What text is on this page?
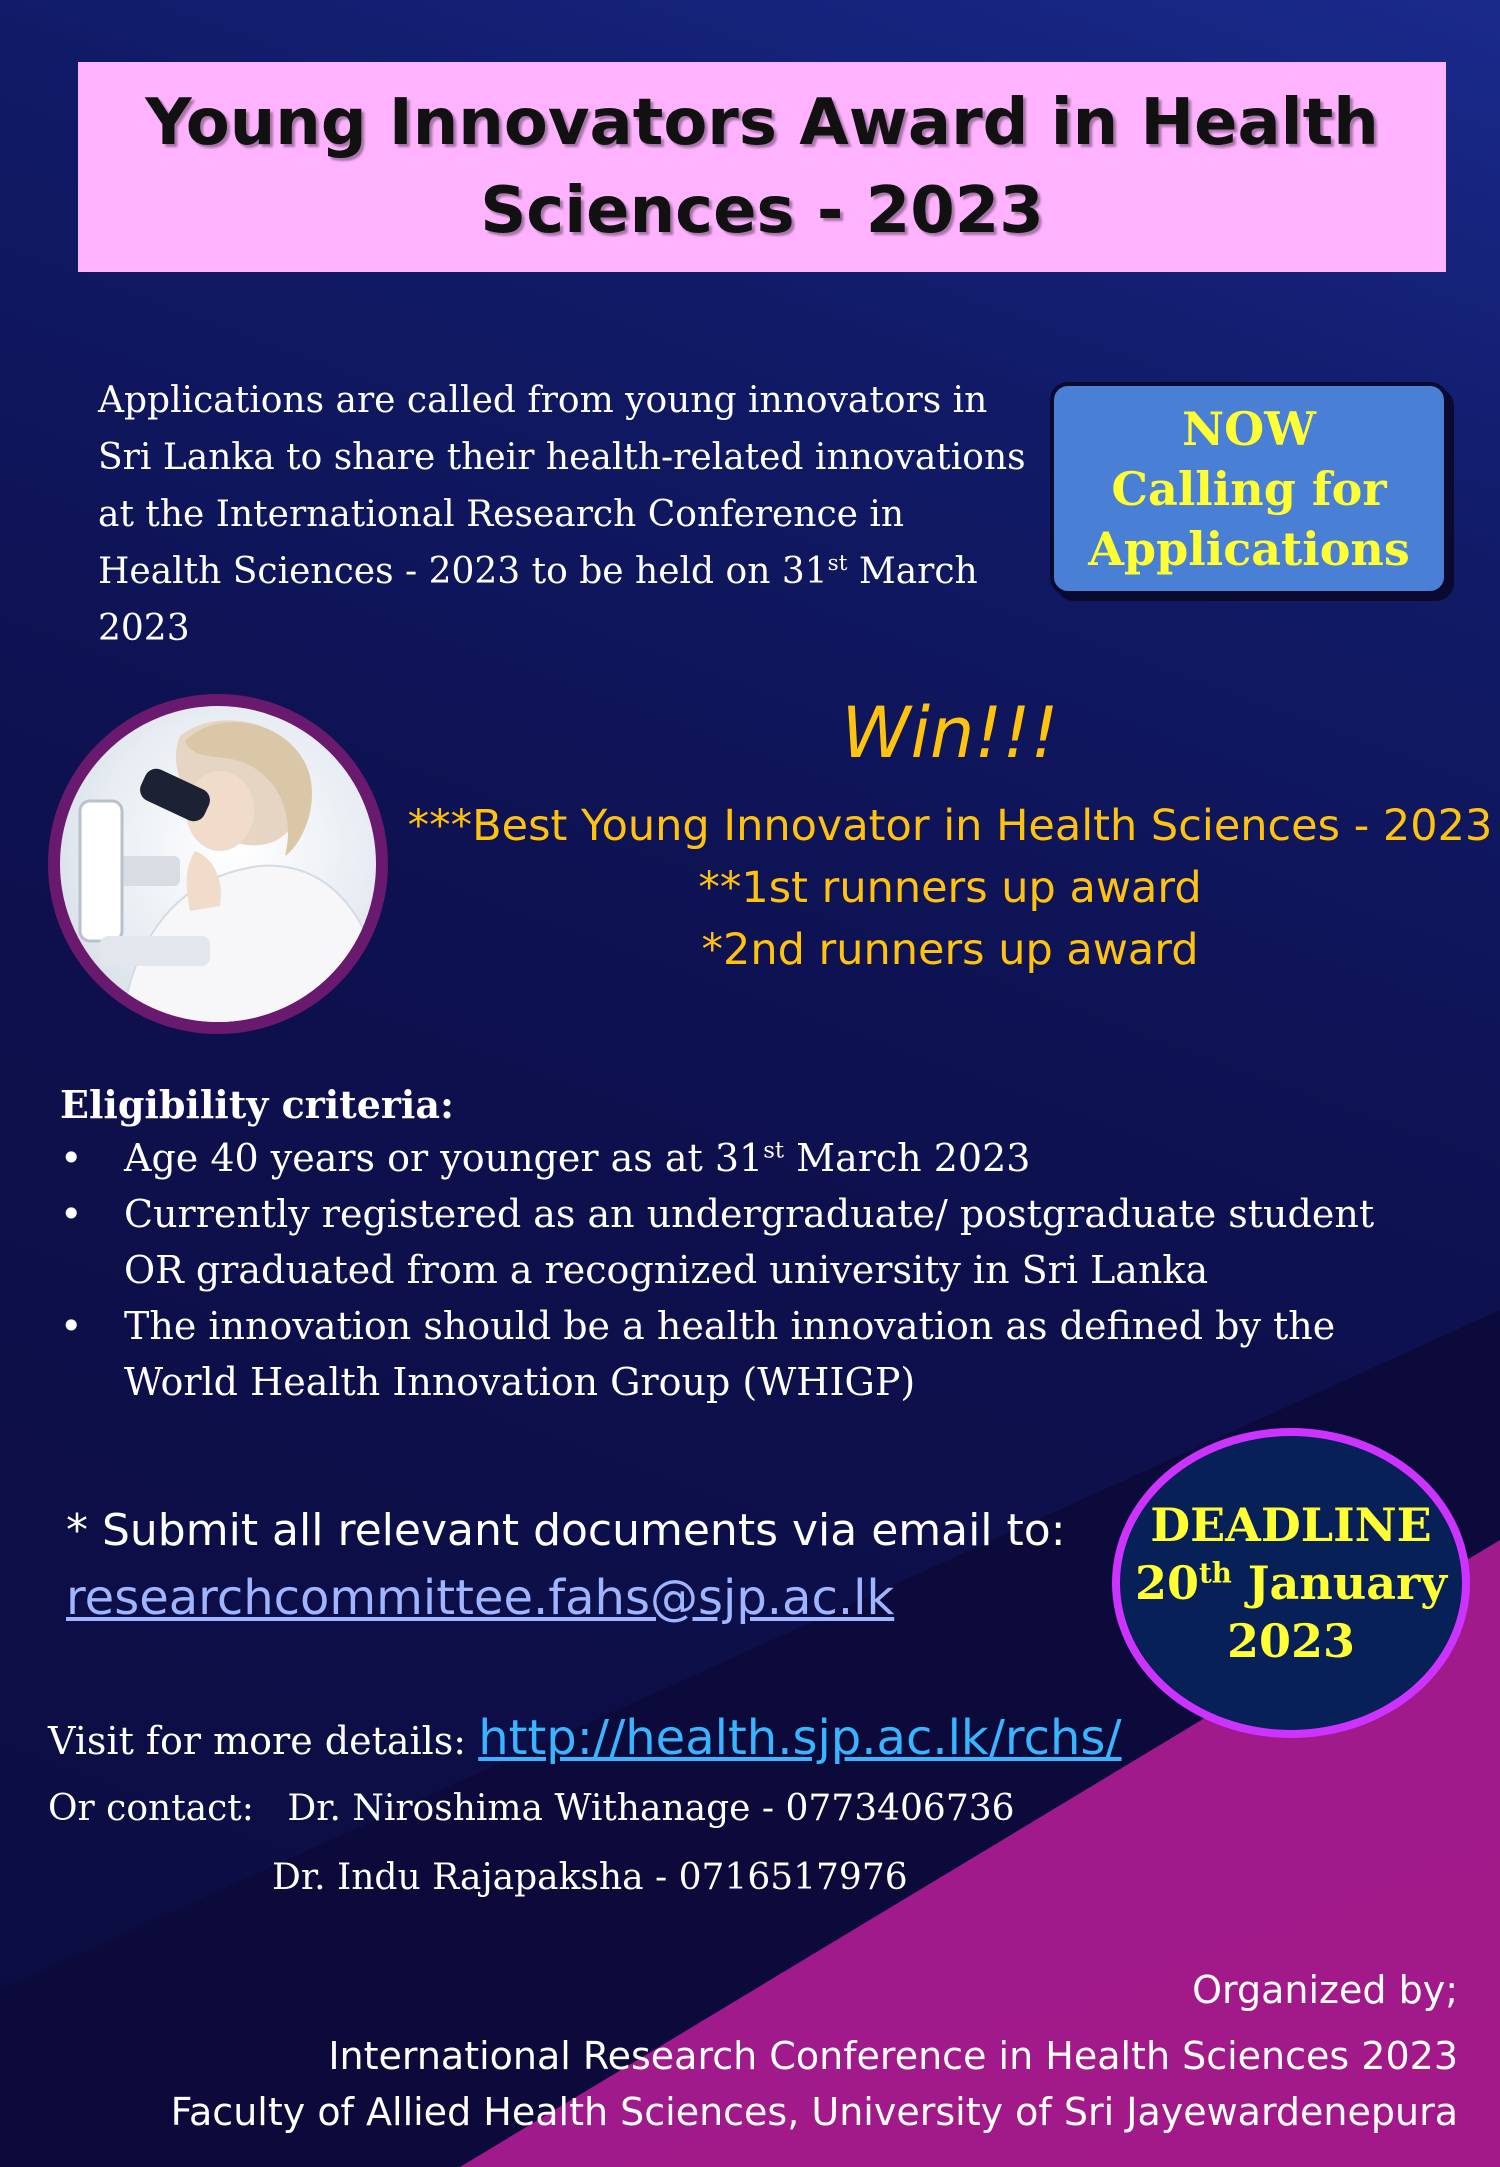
Young Innovators Award in Health Sciences - 2023
Applications are called from young innovators in Sri Lanka to share their health-related innovations at the International Research Conference in Health Sciences - 2023 to be held on 31st March 2023
NOW
Calling for
Applications
Win!!!
***Best Young Innovator in Health Sciences - 2023
**1st runners up award
*2nd runners up award
Eligibility criteria:
•	Age 40 years or younger as at 31st March 2023
•	Currently registered as an undergraduate/ postgraduate student OR graduated from a recognized university in Sri Lanka
•	The innovation should be a health innovation as defined by the World Health Innovation Group (WHIGP)
* Submit all relevant documents via email to:
researchcommittee.fahs@sjp.ac.lk
DEADLINE
20th January
2023
Visit for more details: http://health.sjp.ac.lk/rchs/
Or contact: Dr. Niroshima Withanage - 0773406736
Dr. Indu Rajapaksha - 0716517976
Organized by;
International Research Conference in Health Sciences 2023
Faculty of Allied Health Sciences, University of Sri Jayewardenepura
